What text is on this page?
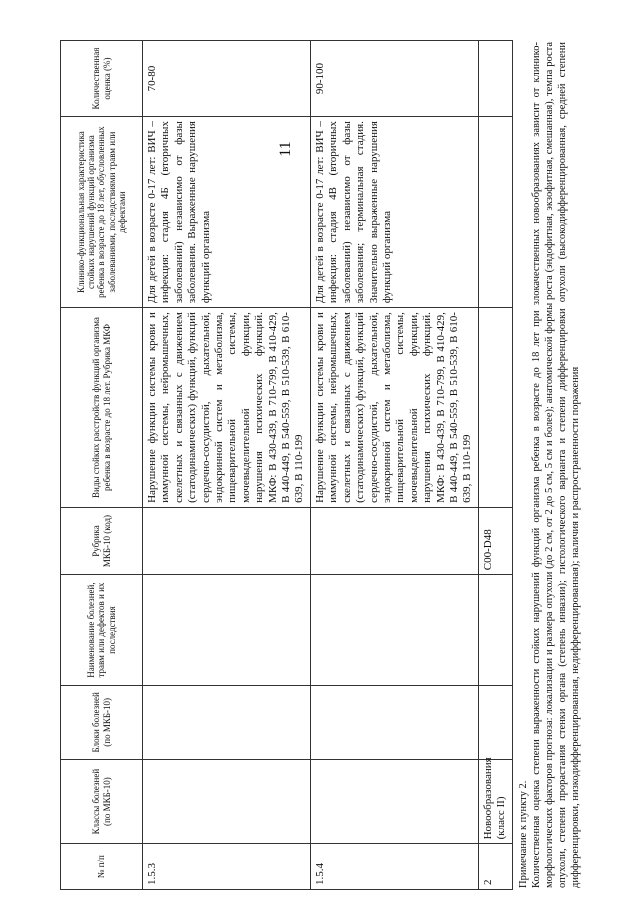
11
№ п/п	Классы болезней (по МКБ-10)	Блоки болезней (по МКБ-10)	Наименование болезней, травм или дефектов и их последствия	Рубрика МКБ-10 (код)	Виды стойких расстройств функций организма ребенка в возрасте до 18 лет. Рубрика МКФ	Клинико-функциональная характеристика стойких нарушений функций организма ребенка в возрасте до 18 лет, обусловленных заболеваниями, последствиями травм или дефектами	Количественная оценка (%)
1.5.3					Нарушение функции системы крови и иммунной системы, нейромышечных, скелетных и связанных с движением (статодинамических) функций, функций сердечно-сосудистой, дыхательной, эндокринной систем и метаболизма, пищеварительной системы, мочевыделительной функции, нарушения психических функций. МКФ: В 430-439, В 710-799, В 410-429, В 440-449, В 540-559, В 510-539, В 610-639, В 110-199	Для детей в возрасте 0-17 лет: ВИЧ – инфекция: стадия 4Б (вторичных заболеваний) независимо от фазы заболевания. Выраженные нарушения функций организма	70-80
1.5.4					Нарушение функции системы крови и иммунной системы, нейромышечных, скелетных и связанных с движением (статодинамических) функций, функций сердечно-сосудистой, дыхательной, эндокринной систем и метаболизма, пищеварительной системы, мочевыделительной функции, нарушения психических функций. МКФ: В 430-439, В 710-799, В 410-429, В 440-449, В 540-559, В 510-539, В 610-639, В 110-199	Для детей в возрасте 0-17 лет: ВИЧ – инфекция: стадия 4В (вторичных заболеваний) независимо от фазы заболевания; терминальная стадия. Значительно выраженные нарушения функций организма	90-100
2	Новообразования (класс II)			C00-D48			

Примечание к пункту 2. Количественная оценка степени выраженности стойких нарушений функций организма ребенка в возрасте до 18 лет при злокачественных новообразованиях зависит от клинико-морфологических факторов прогноза: локализации и размера опухоли (до 2 см, от 2 до 5 см, 5 см и более); анатомической формы роста (эндофитная, экзофитная, смешанная), темпа роста опухоли, степени прорастания стенки органа (степень инвазии); гистологического варианта и степени дифференцировки опухоли (высокодифференцированная, средней степени дифференцировки, низкодифференцированная, недифференцированная); наличия и распространенности поражения
